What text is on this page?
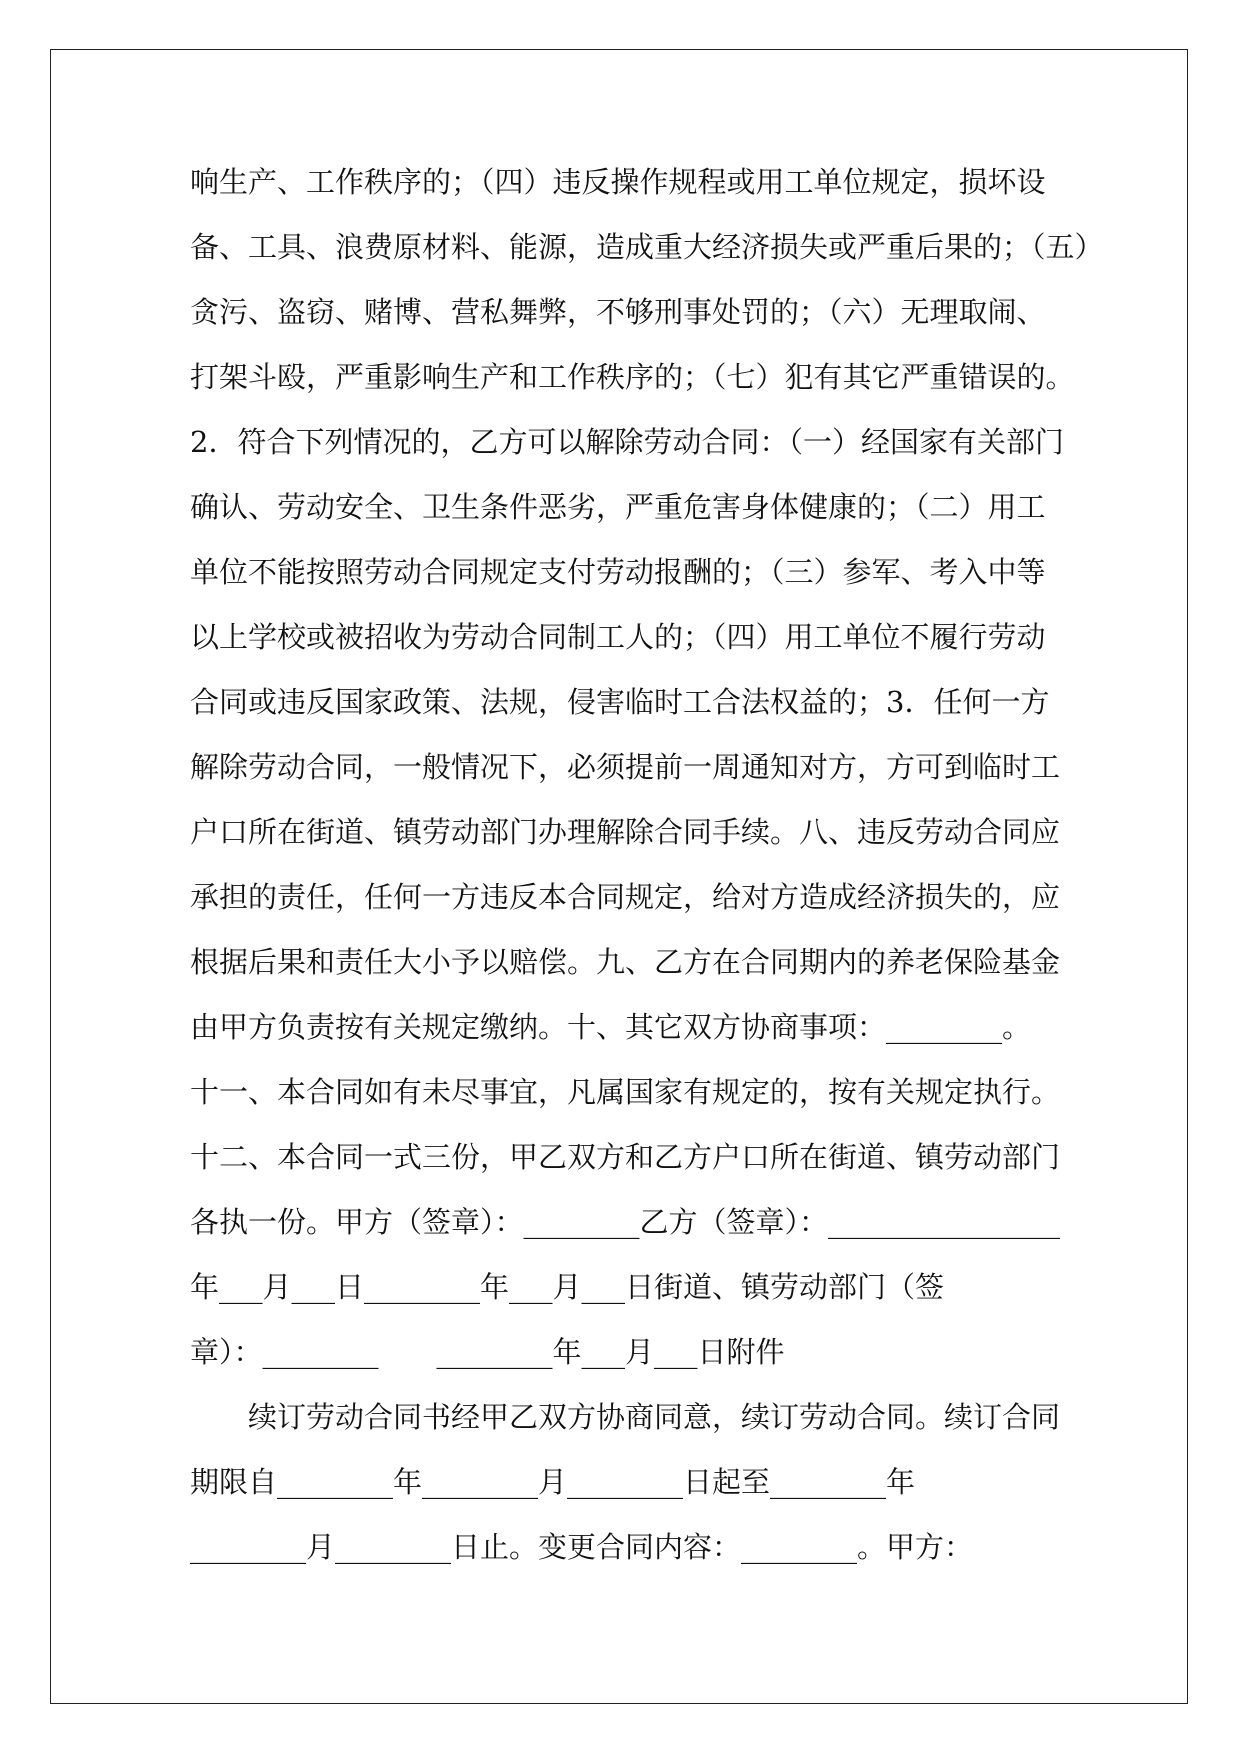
响生产、工作秩序的；（四）违反操作规程或用工单位规定，损坏设
备、工具、浪费原材料、能源，造成重大经济损失或严重后果的；（五）
贪污、盗窃、赌博、营私舞弊，不够刑事处罚的；（六）无理取闹、
打架斗殴，严重影响生产和工作秩序的；（七）犯有其它严重错误的。
2．符合下列情况的，乙方可以解除劳动合同：（一）经国家有关部门
确认、劳动安全、卫生条件恶劣，严重危害身体健康的；（二）用工
单位不能按照劳动合同规定支付劳动报酬的；（三）参军、考入中等
以上学校或被招收为劳动合同制工人的；（四）用工单位不履行劳动
合同或违反国家政策、法规，侵害临时工合法权益的；3．任何一方
解除劳动合同，一般情况下，必须提前一周通知对方，方可到临时工
户口所在街道、镇劳动部门办理解除合同手续。八、违反劳动合同应
承担的责任，任何一方违反本合同规定，给对方造成经济损失的，应
根据后果和责任大小予以赔偿。九、乙方在合同期内的养老保险基金
由甲方负责按有关规定缴纳。十、其它双方协商事项：________。
十一、本合同如有未尽事宜，凡属国家有规定的，按有关规定执行。
十二、本合同一式三份，甲乙双方和乙方户口所在街道、镇劳动部门
各执一份。甲方（签章）：________乙方（签章）：________________
年___月___日________年___月___日街道、镇劳动部门（签
章）：________　　________年___月___日附件
续订劳动合同书经甲乙双方协商同意，续订劳动合同。续订合同
期限自________年________月________日起至________年
________月________日止。变更合同内容：________。甲方：
